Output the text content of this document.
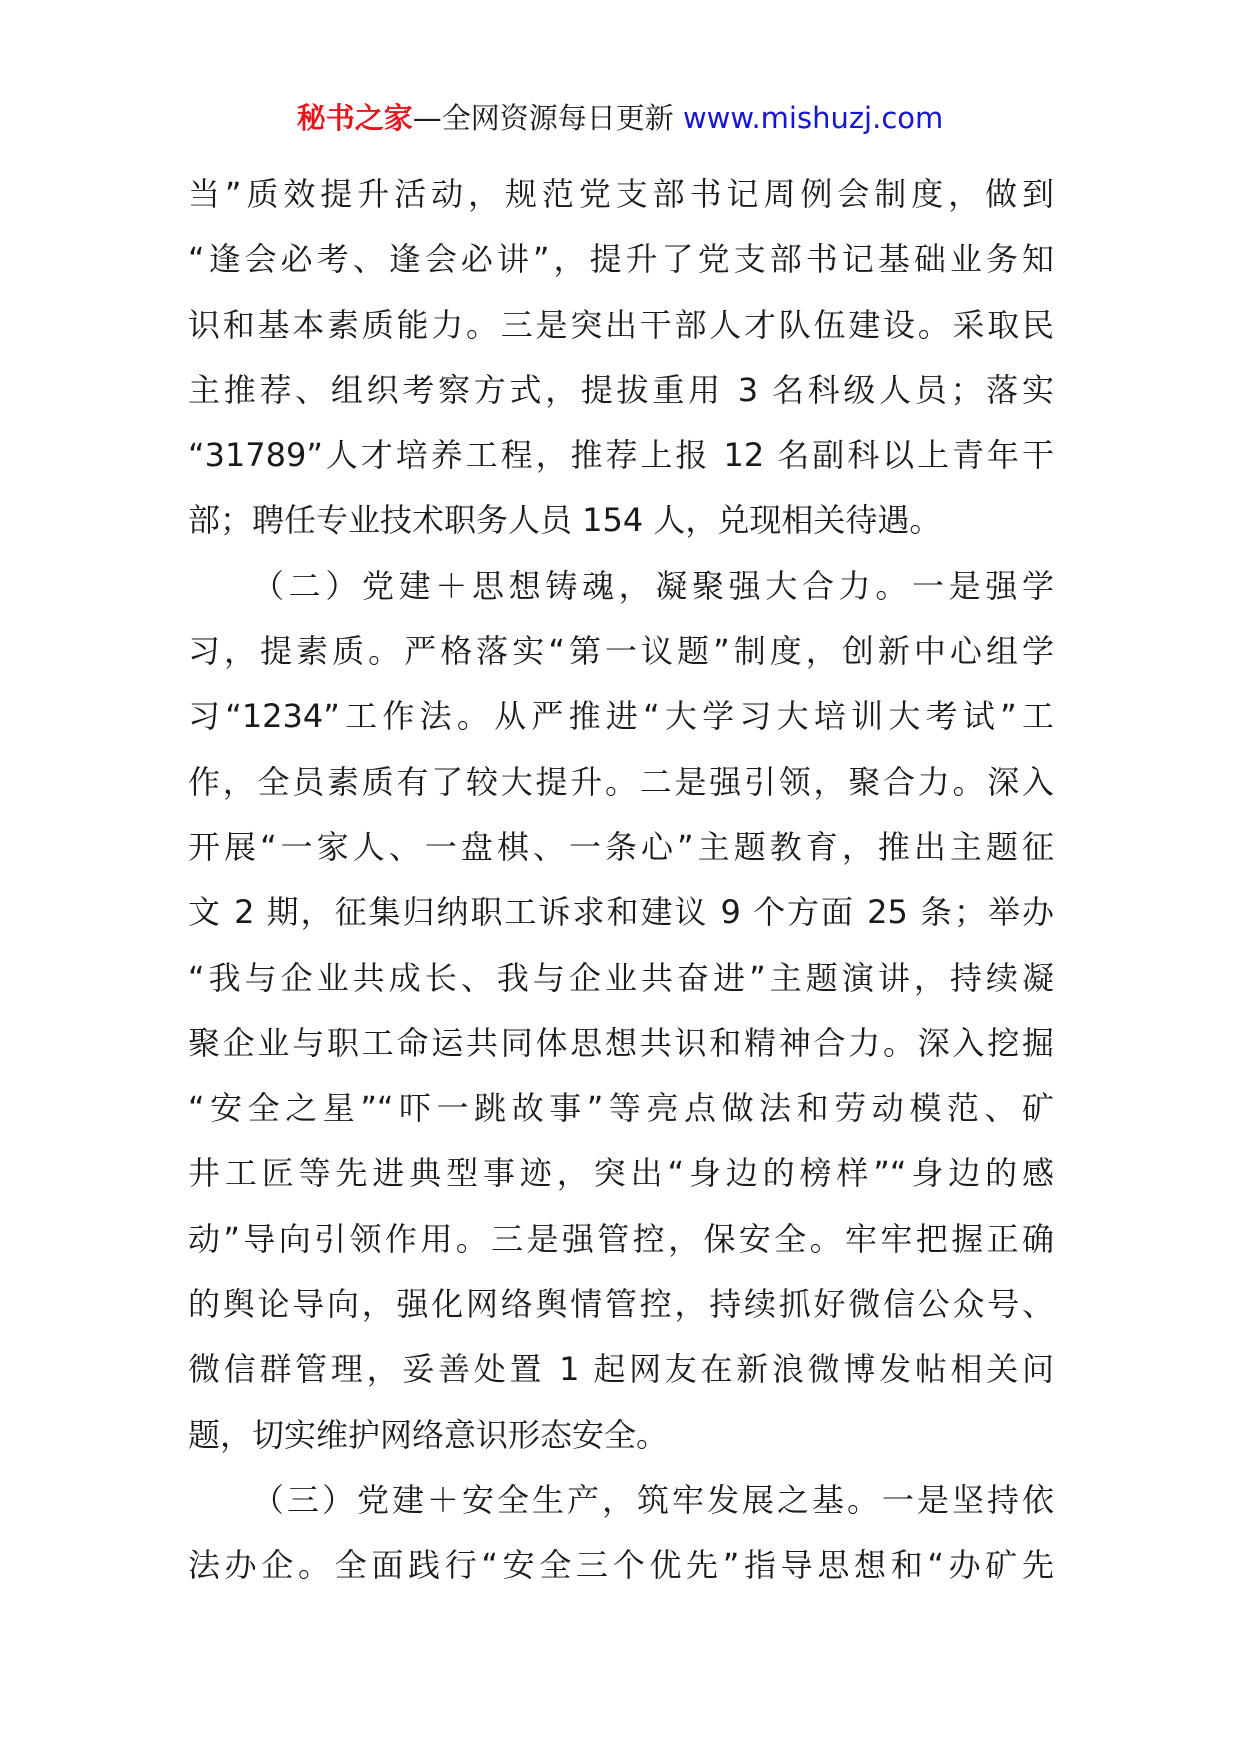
秘书之家—全网资源每日更新 www.mishuzj.com
当”质效提升活动，规范党支部书记周例会制度，做到
“逢会必考、逢会必讲”，提升了党支部书记基础业务知
识和基本素质能力。三是突出干部人才队伍建设。采取民
主推荐、组织考察方式，提拔重用 3 名科级人员；落实
“31789”人才培养工程，推荐上报 12 名副科以上青年干
部；聘任专业技术职务人员 154 人，兑现相关待遇。
（二）党建＋思想铸魂，凝聚强大合力。一是强学
习，提素质。严格落实“第一议题”制度，创新中心组学
习“1234”工作法。从严推进“大学习大培训大考试”工
作，全员素质有了较大提升。二是强引领，聚合力。深入
开展“一家人、一盘棋、一条心”主题教育，推出主题征
文 2 期，征集归纳职工诉求和建议 9 个方面 25 条；举办
“我与企业共成长、我与企业共奋进”主题演讲，持续凝
聚企业与职工命运共同体思想共识和精神合力。深入挖掘
“安全之星”“吓一跳故事”等亮点做法和劳动模范、矿
井工匠等先进典型事迹，突出“身边的榜样”“身边的感
动”导向引领作用。三是强管控，保安全。牢牢把握正确
的舆论导向，强化网络舆情管控，持续抓好微信公众号、
微信群管理，妥善处置 1 起网友在新浪微博发帖相关问
题，切实维护网络意识形态安全。
（三）党建＋安全生产，筑牢发展之基。一是坚持依
法办企。全面践行“安全三个优先”指导思想和“办矿先
